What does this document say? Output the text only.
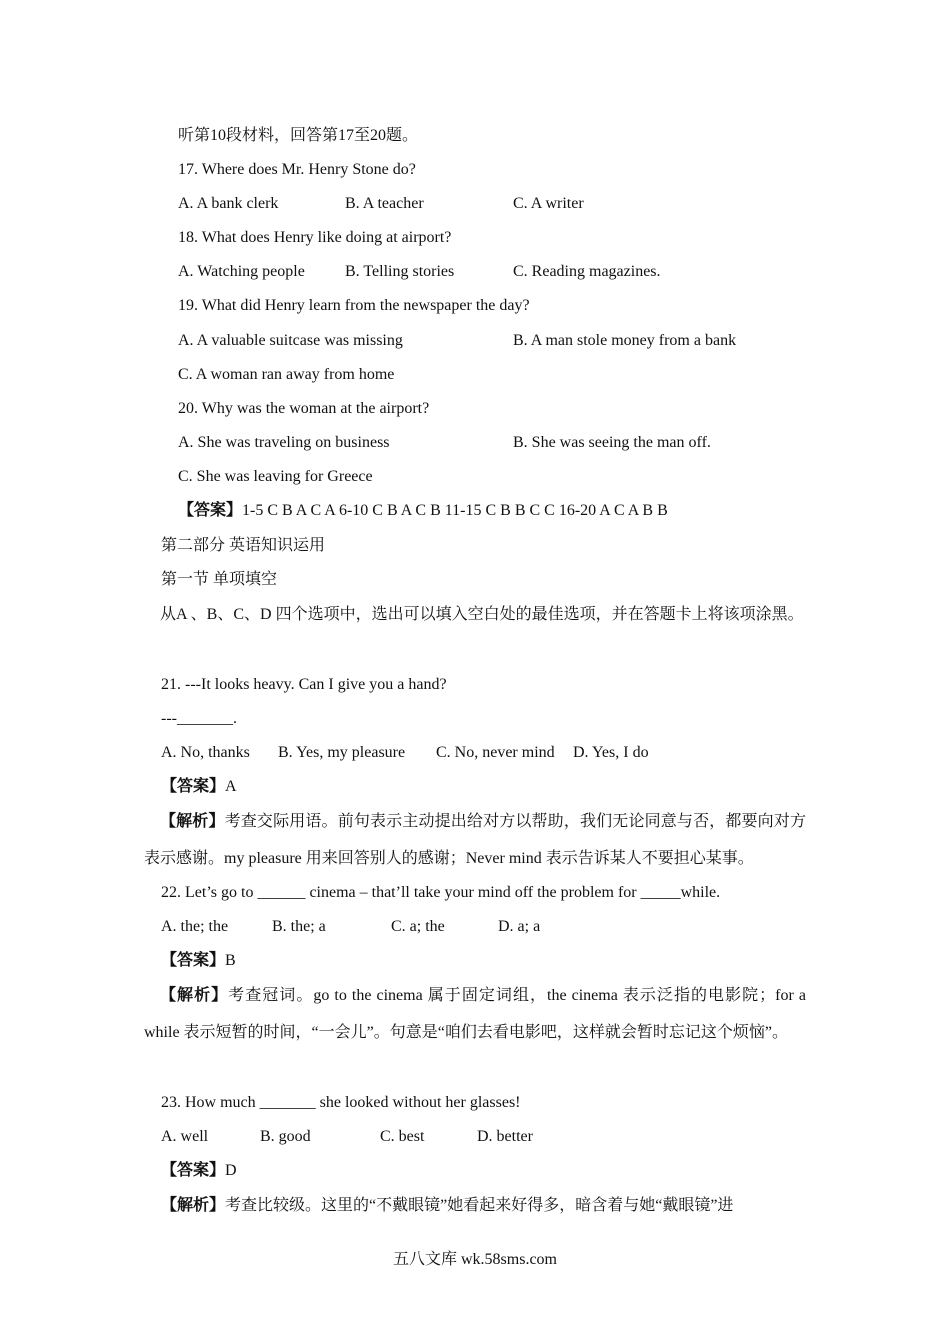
听第10段材料，回答第17至20题。
17. Where does Mr. Henry Stone do?
A. A bank clerk	B. A teacher	C. A writer
18. What does Henry like doing at airport?
A. Watching people	B. Telling stories	C. Reading magazines.
19. What did Henry learn from the newspaper the day?
A. A valuable suitcase was missing	B. A man stole money from a bank
C. A woman ran away from home
20. Why was the woman at the airport?
A. She was traveling on business	B. She was seeing the man off.
C. She was leaving for Greece
【答案】1-5 C B A C A 6-10 C B A C B 11-15 C B B C C 16-20 A C A B B
第二部分 英语知识运用
第一节 单项填空
从A 、B、C、D 四个选项中，选出可以填入空白处的最佳选项，并在答题卡上将该项涂黑。
21. ---It looks heavy. Can I give you a hand?
---_______.
A. No, thanks B. Yes, my pleasure C. No, never mind D. Yes, I do
【答案】A
【解析】考查交际用语。前句表示主动提出给对方以帮助，我们无论同意与否，都要向对方表示感谢。my pleasure 用来回答别人的感谢；Never mind 表示告诉某人不要担心某事。
22. Let’s go to ______ cinema – that’ll take your mind off the problem for _____while.
A. the; the	B. the; a	C. a; the	D. a; a
【答案】B
【解析】考查冠词。go to the cinema 属于固定词组，the cinema 表示泛指的电影院；for a while 表示短暂的时间，“一会儿”。句意是“咱们去看电影吧，这样就会暂时忘记这个烦恼”。
23. How much _______ she looked without her glasses!
A. well	B. good	C. best	D. better
【答案】D
【解析】考查比较级。这里的“不戴眼镜”她看起来好得多，暗含着与她“戴眼镜”进
五八文库 wk.58sms.com
